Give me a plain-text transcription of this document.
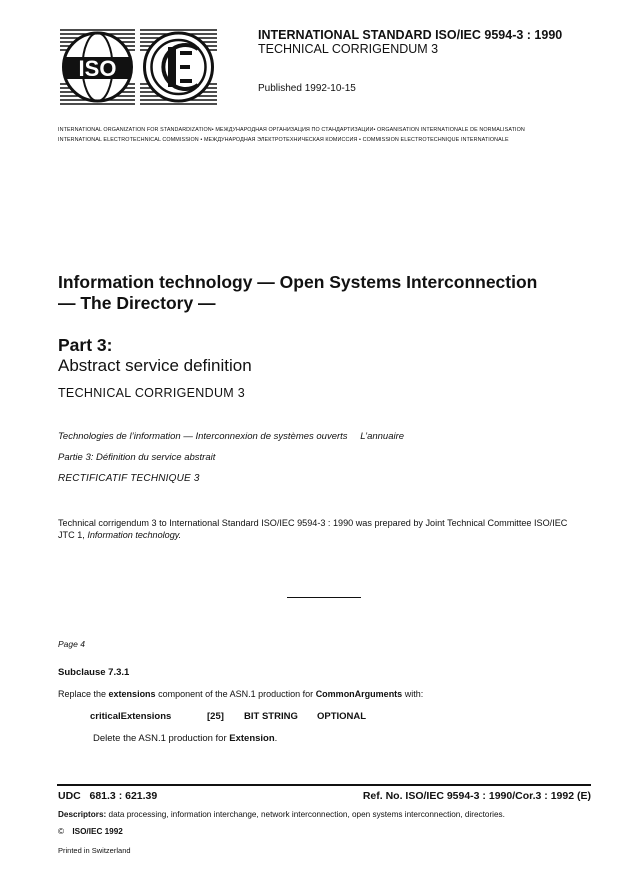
ISO
INTERNATIONAL STANDARD ISO/IEC 9594-3 : 1990
TECHNICAL CORRIGENDUM 3
Published 1992-10-15
INTERNATIONAL ORGANIZATION FOR STANDARDIZATION• МЕЖДУНАРОДНАЯ ОРГАНИЗАЦИЯ ПО СТАНДАРТИЗАЦИИ• ORGANISATION INTERNATIONALE DE NORMALISATION
INTERNATIONAL ELECTROTECHNICAL COMMISSION • МЕЖДУНАРОДНАЯ ЭЛЕКТРОТЕХНИЧЕСКАЯ КОМИССИЯ • COMMISSION ELECTROTECHNIQUE INTERNATIONALE
Information technology — Open Systems Interconnection
— The Directory —
Part 3:
Abstract service definition
TECHNICAL CORRIGENDUM 3
Technologies de l’information — Interconnexion de systèmes ouverts L’annuaire
Partie 3: Définition du service abstrait
RECTIFICATIF TECHNIQUE 3
Technical corrigendum 3 to International Standard ISO/IEC 9594-3 : 1990 was prepared by Joint Technical Committee ISO/IEC
JTC 1, Information technology.
Page 4
Subclause 7.3.1
Replace the extensions component of the ASN.1 production for CommonArguments with:
criticalExtensions	[25] BIT STRING OPTIONAL
Delete the ASN.1 production for Extension.
UDC   681.3 : 621.39	Ref. No. ISO/IEC 9594-3 : 1990/Cor.3 : 1992 (E)
Descriptors: data processing, information interchange, network interconnection, open systems interconnection, directories.
© ISO/IEC 1992
Printed in Switzerland
